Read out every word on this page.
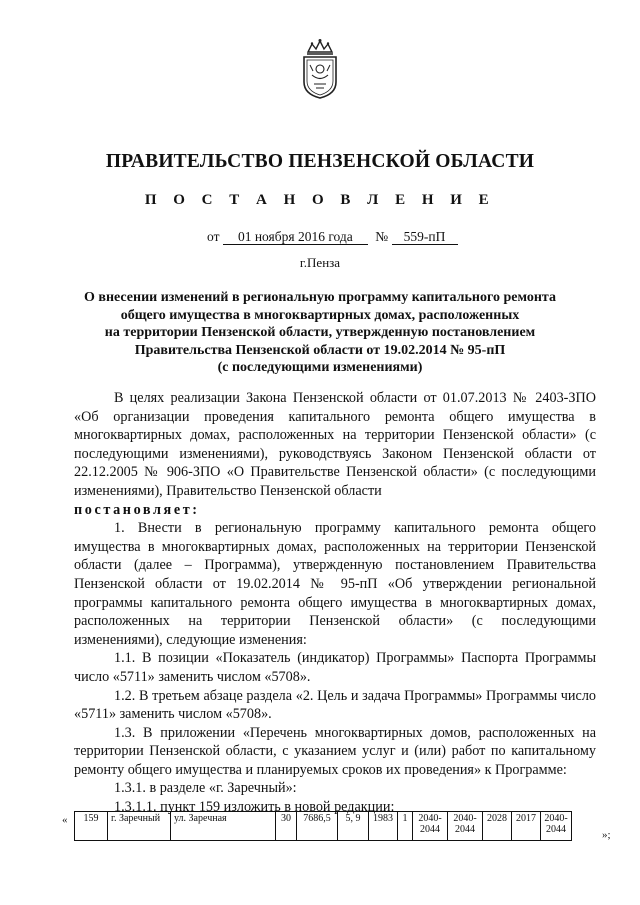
ПРАВИТЕЛЬСТВО ПЕНЗЕНСКОЙ ОБЛАСТИ
П О С Т А Н О В Л Е Н И Е
от 01 ноября 2016 года № 559-пП
г.Пенза
О внесении изменений в региональную программу капитального ремонта
общего имущества в многоквартирных домах, расположенных
на территории Пензенской области, утвержденную постановлением
Правительства Пензенской области от 19.02.2014 № 95-пП
(с последующими изменениями)

В целях реализации Закона Пензенской области от 01.07.2013 № 2403-ЗПО «Об организации проведения капитального ремонта общего имущества в многоквартирных домах, расположенных на территории Пензенской области» (с последующими изменениями), руководствуясь Законом Пензенской области от 22.12.2005 № 906-ЗПО «О Правительстве Пензенской области» (с последующими изменениями), Правительство Пензенской области

постановляет:

1. Внести в региональную программу капитального ремонта общего имущества в многоквартирных домах, расположенных на территории Пензенской области (далее – Программа), утвержденную постановлением Правительства Пензенской области от 19.02.2014 № 95-пП «Об утверждении региональной программы капитального ремонта общего имущества в многоквартирных домах, расположенных на территории Пензенской области» (с последующими изменениями), следующие изменения:

1.1. В позиции «Показатель (индикатор) Программы» Паспорта Программы число «5711» заменить числом «5708».

1.2. В третьем абзаце раздела «2. Цель и задача Программы» Программы число «5711» заменить числом «5708».

1.3. В приложении «Перечень многоквартирных домов, расположенных на территории Пензенской области, с указанием услуг и (или) работ по капитальному ремонту общего имущества и планируемых сроков их проведения» к Программе:

1.3.1. в разделе «г. Заречный»:

1.3.1.1. пункт 159 изложить в новой редакции:

« 159	г. Заречный	ул. Заречная	30	7686,5	5, 9	1983	1	2040-2044	2040-2044	2028	2017	2040-2044	»;
